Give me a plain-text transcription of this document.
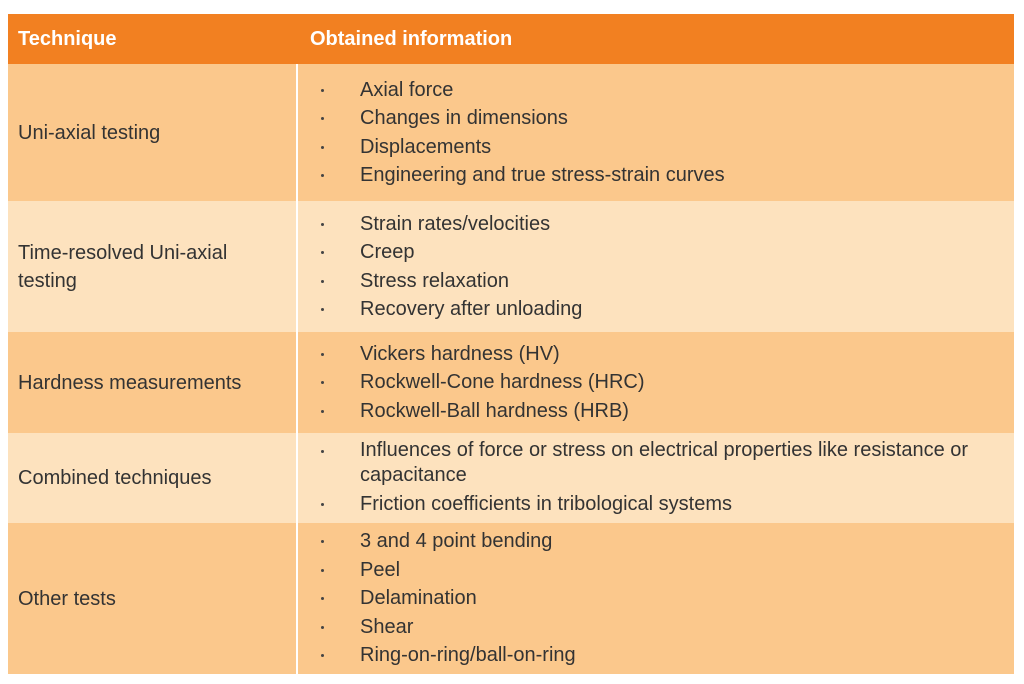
Technique	Obtained information
Uni-axial testing
Axial force
Changes in dimensions
Displacements
Engineering and true stress-strain curves
Time-resolved Uni-axial testing
Strain rates/velocities
Creep
Stress relaxation
Recovery after unloading
Hardness measurements
Vickers hardness (HV)
Rockwell-Cone hardness (HRC)
Rockwell-Ball hardness (HRB)
Combined techniques
Influences of force or stress on electrical properties like resistance or capacitance
Friction coefficients in tribological systems
Other tests
3 and 4 point bending
Peel
Delamination
Shear
Ring-on-ring/ball-on-ring
